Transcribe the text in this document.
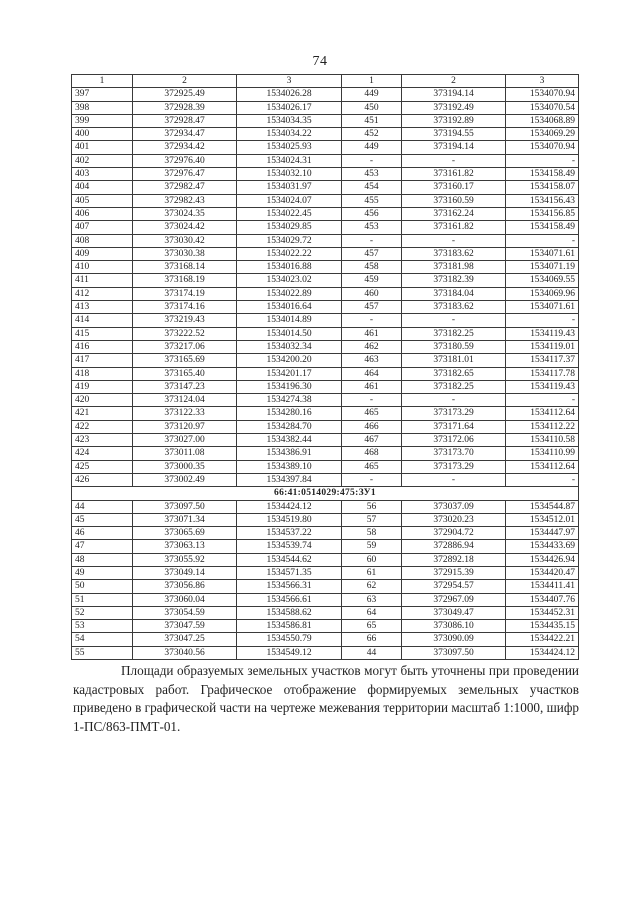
74
1	2	3	1	2	3
397	372925.49	1534026.28	449	373194.14	1534070.94
398	372928.39	1534026.17	450	373192.49	1534070.54
399	372928.47	1534034.35	451	373192.89	1534068.89
400	372934.47	1534034.22	452	373194.55	1534069.29
401	372934.42	1534025.93	449	373194.14	1534070.94
402	372976.40	1534024.31	-	-	-
403	372976.47	1534032.10	453	373161.82	1534158.49
404	372982.47	1534031.97	454	373160.17	1534158.07
405	372982.43	1534024.07	455	373160.59	1534156.43
406	373024.35	1534022.45	456	373162.24	1534156.85
407	373024.42	1534029.85	453	373161.82	1534158.49
408	373030.42	1534029.72	-	-	-
409	373030.38	1534022.22	457	373183.62	1534071.61
410	373168.14	1534016.88	458	373181.98	1534071.19
411	373168.19	1534023.02	459	373182.39	1534069.55
412	373174.19	1534022.89	460	373184.04	1534069.96
413	373174.16	1534016.64	457	373183.62	1534071.61
414	373219.43	1534014.89	-	-	-
415	373222.52	1534014.50	461	373182.25	1534119.43
416	373217.06	1534032.34	462	373180.59	1534119.01
417	373165.69	1534200.20	463	373181.01	1534117.37
418	373165.40	1534201.17	464	373182.65	1534117.78
419	373147.23	1534196.30	461	373182.25	1534119.43
420	373124.04	1534274.38	-	-	-
421	373122.33	1534280.16	465	373173.29	1534112.64
422	373120.97	1534284.70	466	373171.64	1534112.22
423	373027.00	1534382.44	467	373172.06	1534110.58
424	373011.08	1534386.91	468	373173.70	1534110.99
425	373000.35	1534389.10	465	373173.29	1534112.64
426	373002.49	1534397.84	-	-	-
66:41:0514029:475:ЗУ1					
44	373097.50	1534424.12	56	373037.09	1534544.87
45	373071.34	1534519.80	57	373020.23	1534512.01
46	373065.69	1534537.22	58	372904.72	1534447.97
47	373063.13	1534539.74	59	372886.94	1534433.69
48	373055.92	1534544.62	60	372892.18	1534426.94
49	373049.14	1534571.35	61	372915.39	1534420.47
50	373056.86	1534566.31	62	372954.57	1534411.41
51	373060.04	1534566.61	63	372967.09	1534407.76
52	373054.59	1534588.62	64	373049.47	1534452.31
53	373047.59	1534586.81	65	373086.10	1534435.15
54	373047.25	1534550.79	66	373090.09	1534422.21
55	373040.56	1534549.12	44	373097.50	1534424.12

Площади образуемых земельных участков могут быть уточнены при проведении кадастровых работ. Графическое отображение формируемых земельных участков приведено в графической части на чертеже межевания территории масштаб 1:1000, шифр 1-ПС/863-ПМТ-01.
